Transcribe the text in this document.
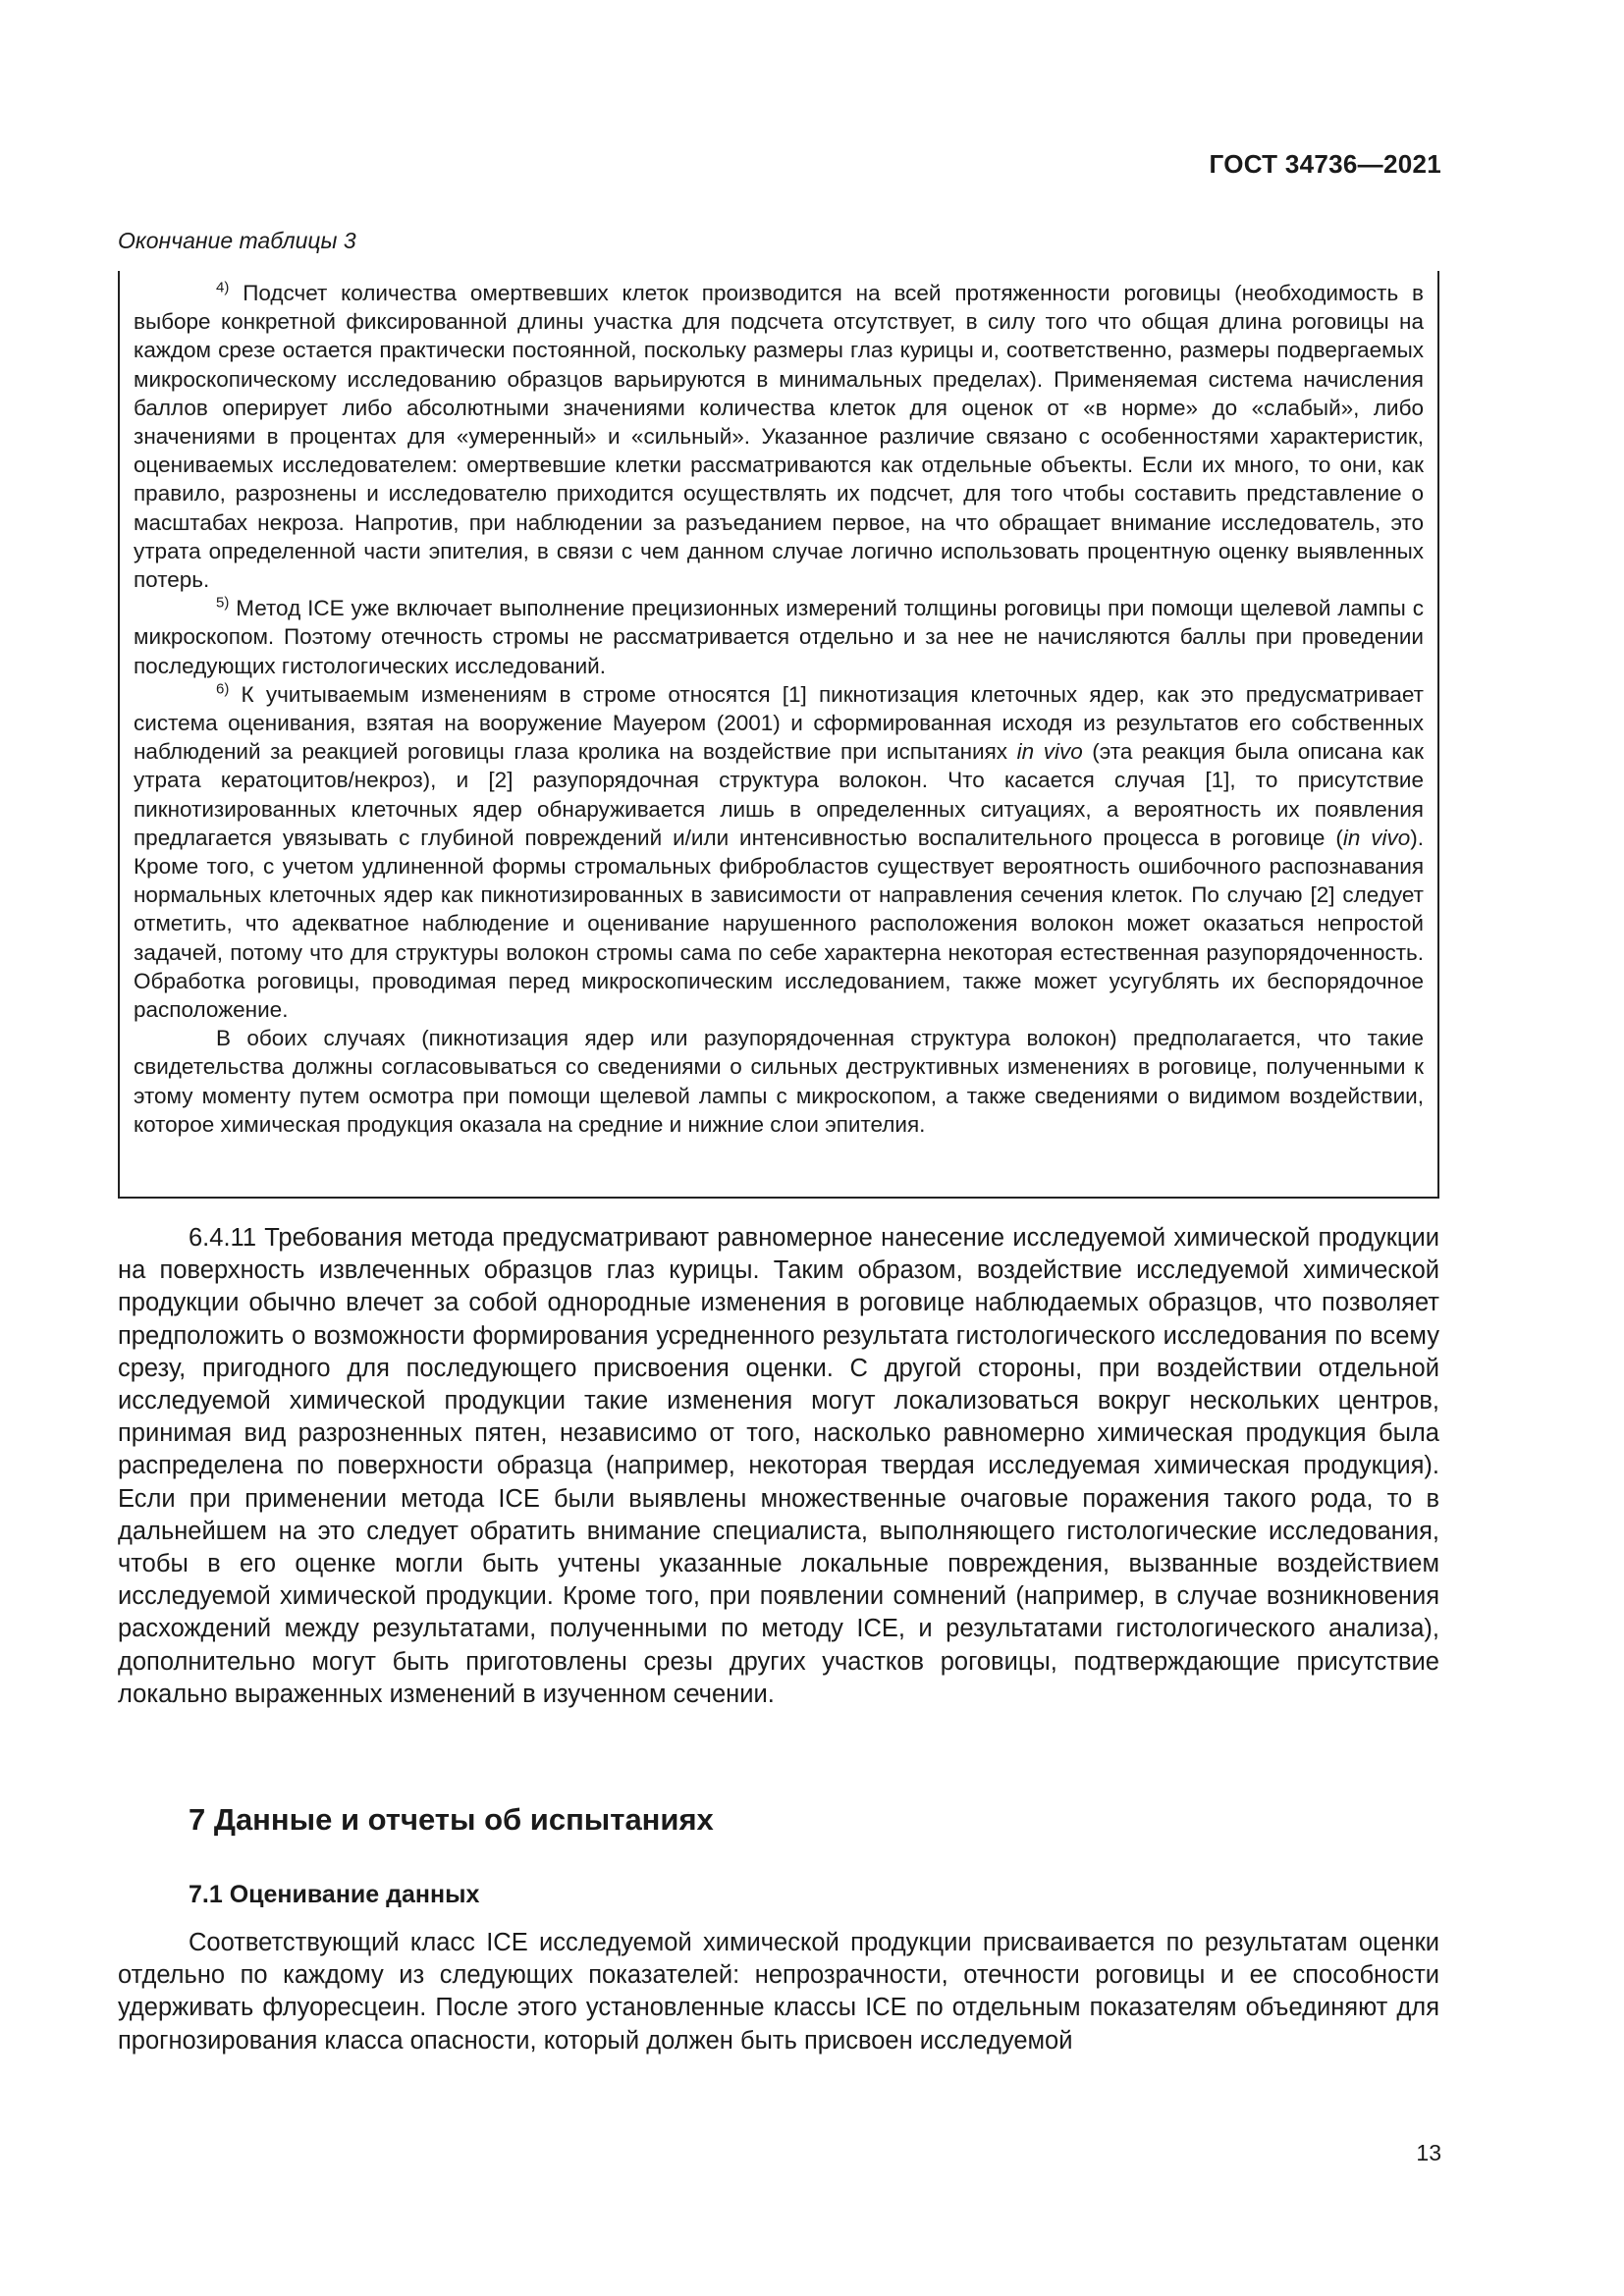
ГОСТ 34736—2021
Окончание таблицы 3

$^{4)}$ Подсчет количества омертвевших клеток производится на всей протяженности роговицы (необходимость в выборе конкретной фиксированной длины участка для подсчета отсутствует, в силу того что общая длина роговицы на каждом срезе остается практически постоянной, поскольку размеры глаз курицы и, соответственно, размеры подвергаемых микроскопическому исследованию образцов варьируются в минимальных пределах). Применяемая система начисления баллов оперирует либо абсолютными значениями количества клеток для оценок от «в норме» до «слабый», либо значениями в процентах для «умеренный» и «сильный». Указанное различие связано с особенностями характеристик, оцениваемых исследователем: омертвевшие клетки рассматриваются как отдельные объекты. Если их много, то они, как правило, разрознены и исследователю приходится осуществлять их подсчет, для того чтобы составить представление о масштабах некроза. Напротив, при наблюдении за разъеданием первое, на что обращает внимание исследователь, это утрата определенной части эпителия, в связи с чем данном случае логично использовать процентную оценку выявленных потерь.

$^{5)}$ Метод ICE уже включает выполнение прецизионных измерений толщины роговицы при помощи щелевой лампы с микроскопом. Поэтому отечность стромы не рассматривается отдельно и за нее не начисляются баллы при проведении последующих гистологических исследований.

$^{6)}$ К учитываемым изменениям в строме относятся [1] пикнотизация клеточных ядер, как это предусматривает система оценивания, взятая на вооружение Мауером (2001) и сформированная исходя из результатов его собственных наблюдений за реакцией роговицы глаза кролика на воздействие при испытаниях in vivo (эта реакция была описана как утрата кератоцитов/некроз), и [2] разупорядочная структура волокон. Что касается случая [1], то присутствие пикнотизированных клеточных ядер обнаруживается лишь в определенных ситуациях, а вероятность их появления предлагается увязывать с глубиной повреждений и/или интенсивностью воспалительного процесса в роговице (in vivo). Кроме того, с учетом удлиненной формы стромальных фибробластов существует вероятность ошибочного распознавания нормальных клеточных ядер как пикнотизированных в зависимости от направления сечения клеток. По случаю [2] следует отметить, что адекватное наблюдение и оценивание нарушенного расположения волокон может оказаться непростой задачей, потому что для структуры волокон стромы сама по себе характерна некоторая естественная разупорядоченность. Обработка роговицы, проводимая перед микроскопическим исследованием, также может усугублять их беспорядочное расположение.

В обоих случаях (пикнотизация ядер или разупорядоченная структура волокон) предполагается, что такие свидетельства должны согласовываться со сведениями о сильных деструктивных изменениях в роговице, полученными к этому моменту путем осмотра при помощи щелевой лампы с микроскопом, а также сведениями о видимом воздействии, которое химическая продукция оказала на средние и нижние слои эпителия.

6.4.11 Требования метода предусматривают равномерное нанесение исследуемой химической продукции на поверхность извлеченных образцов глаз курицы. Таким образом, воздействие исследуемой химической продукции обычно влечет за собой однородные изменения в роговице наблюдаемых образцов, что позволяет предположить о возможности формирования усредненного результата гистологического исследования по всему срезу, пригодного для последующего присвоения оценки. С другой стороны, при воздействии отдельной исследуемой химической продукции такие изменения могут локализоваться вокруг нескольких центров, принимая вид разрозненных пятен, независимо от того, насколько равномерно химическая продукция была распределена по поверхности образца (например, некоторая твердая исследуемая химическая продукция). Если при применении метода ICE были выявлены множественные очаговые поражения такого рода, то в дальнейшем на это следует обратить внимание специалиста, выполняющего гистологические исследования, чтобы в его оценке могли быть учтены указанные локальные повреждения, вызванные воздействием исследуемой химической продукции. Кроме того, при появлении сомнений (например, в случае возникновения расхождений между результатами, полученными по методу ICE, и результатами гистологического анализа), дополнительно могут быть приготовлены срезы других участков роговицы, подтверждающие присутствие локально выраженных изменений в изученном сечении.

7 Данные и отчеты об испытаниях
7.1 Оценивание данных

Соответствующий класс ICE исследуемой химической продукции присваивается по результатам оценки отдельно по каждому из следующих показателей: непрозрачности, отечности роговицы и ее способности удерживать флуоресцеин. После этого установленные классы ICE по отдельным показателям объединяют для прогнозирования класса опасности, который должен быть присвоен исследуемой

13
